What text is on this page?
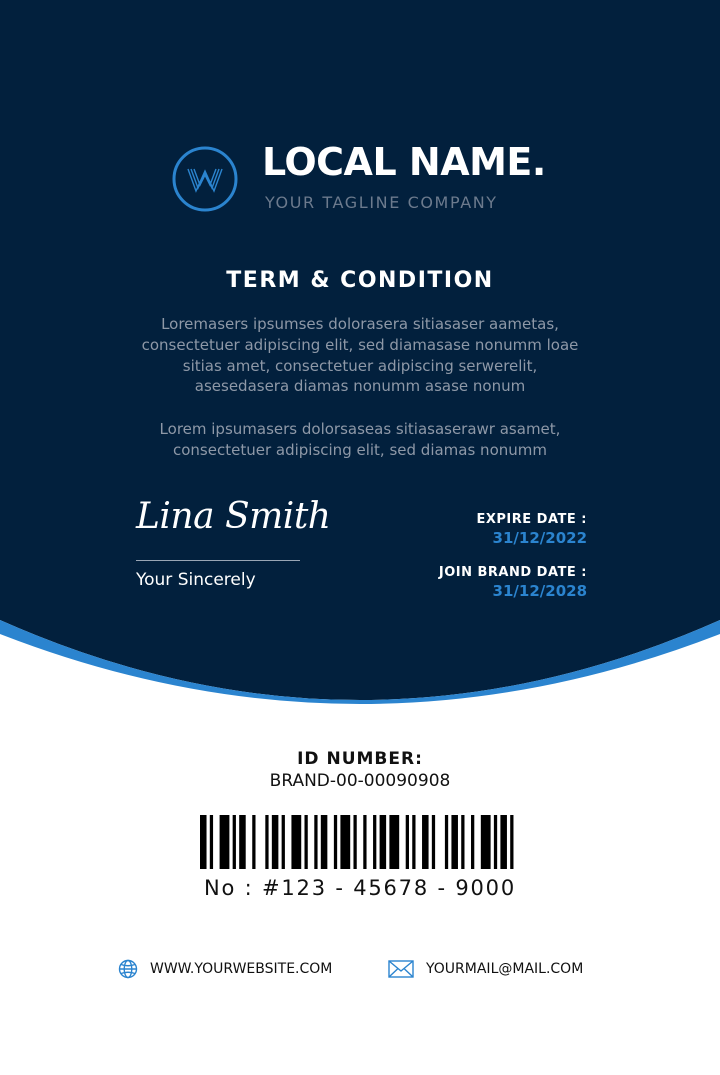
LOCAL NAME.
YOUR TAGLINE COMPANY
TERM & CONDITION

Loremasers ipsumses dolorasera sitiasaser aametas, consectetuer adipiscing elit, sed diamasase nonumm loae sitias amet, consectetuer adipiscing serwerelit, asesedasera diamas nonumm asase nonum

Lorem ipsumasers dolorsaseas sitiasaserawr asamet, consectetuer adipiscing elit, sed diamas nonumm

Lina Smith
Your Sincerely
EXPIRE DATE :
31/12/2022
JOIN BRAND DATE :
31/12/2028
ID NUMBER:
BRAND-00-00090908
No : #123 - 45678 - 9000
WWW.YOURWEBSITE.COM	YOURMAIL@MAIL.COM
